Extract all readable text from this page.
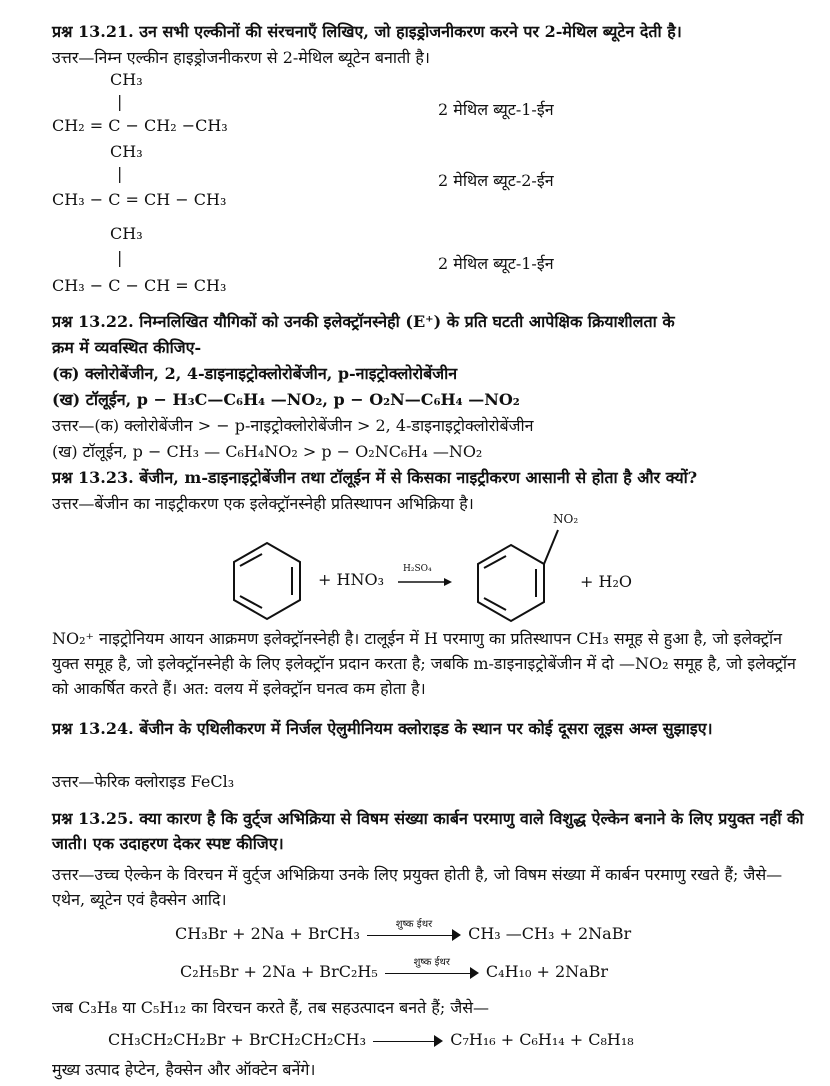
प्रश्न 13.21. उन सभी एल्कीनों की संरचनाएँ लिखिए, जो हाइड्रोजनीकरण करने पर 2-मेथिल ब्यूटेन देती है।
उत्तर—निम्न एल्कीन हाइड्रोजनीकरण से 2-मेथिल ब्यूटेन बनाती है।
CH₃
|
CH₂ = C − CH₂ −CH₃
2 मेथिल ब्यूट-1-ईन
CH₃
|
CH₃ − C = CH − CH₃
2 मेथिल ब्यूट-2-ईन
CH₃
|
CH₃ − C − CH = CH₃
2 मेथिल ब्यूट-1-ईन
प्रश्न 13.22. निम्नलिखित यौगिकों को उनकी इलेक्ट्रॉनस्नेही (E⁺) के प्रति घटती आपेक्षिक क्रियाशीलता के
क्रम में व्यवस्थित कीजिए-
(क) क्लोरोबेंजीन, 2, 4-डाइनाइट्रोक्लोरोबेंजीन, p-नाइट्रोक्लोरोबेंजीन
(ख) टॉलूईन, p − H₃C—C₆H₄ —NO₂, p − O₂N—C₆H₄ —NO₂
उत्तर—(क) क्लोरोबेंजीन > − p-नाइट्रोक्लोरोबेंजीन > 2, 4-डाइनाइट्रोक्लोरोबेंजीन
(ख) टॉलूईन, p − CH₃ — C₆H₄NO₂ > p − O₂NC₆H₄ —NO₂
प्रश्न 13.23. बेंजीन, m-डाइनाइट्रोबेंजीन तथा टॉलूईन में से किसका नाइट्रीकरण आसानी से होता है और क्यों?
उत्तर—बेंजीन का नाइट्रीकरण एक इलेक्ट्रॉनस्नेही प्रतिस्थापन अभिक्रिया है।
+ HNO₃
H₂SO₄
NO₂
+ H₂O
NO₂⁺ नाइट्रोनियम आयन आक्रमण इलेक्ट्रॉनस्नेही है। टालूईन में H परमाणु का प्रतिस्थापन CH₃ समूह से हुआ है, जो इलेक्ट्रॉन युक्त समूह है, जो इलेक्ट्रॉनस्नेही के लिए इलेक्ट्रॉन प्रदान करता है; जबकि m-डाइनाइट्रोबेंजीन में दो —NO₂ समूह है, जो इलेक्ट्रॉन को आकर्षित करते हैं। अत: वलय में इलेक्ट्रॉन घनत्व कम होता है।
प्रश्न 13.24. बेंजीन के एथिलीकरण में निर्जल ऐलुमीनियम क्लोराइड के स्थान पर कोई दूसरा लूइस अम्ल सुझाइए।
उत्तर—फेरिक क्लोराइड FeCl₃
प्रश्न 13.25. क्या कारण है कि वुर्ट्ज अभिक्रिया से विषम संख्या कार्बन परमाणु वाले विशुद्ध ऐल्केन बनाने के लिए प्रयुक्त नहीं की जाती। एक उदाहरण देकर स्पष्ट कीजिए।
उत्तर—उच्च ऐल्केन के विरचन में वुर्ट्ज अभिक्रिया उनके लिए प्रयुक्त होती है, जो विषम संख्या में कार्बन परमाणु रखते हैं; जैसे—एथेन, ब्यूटेन एवं हैक्सेन आदि।
CH₃Br + 2Na + BrCH₃	शुष्क ईथर	CH₃ —CH₃ + 2NaBr
C₂H₅Br + 2Na + BrC₂H₅	शुष्क ईथर	C₄H₁₀ + 2NaBr
जब C₃H₈ या C₅H₁₂ का विरचन करते हैं, तब सहउत्पादन बनते हैं; जैसे—
CH₃CH₂CH₂Br + BrCH₂CH₂CH₃	C₇H₁₆ + C₆H₁₄ + C₈H₁₈
मुख्य उत्पाद हेप्टेन, हैक्सेन और ऑक्टेन बनेंगे।
